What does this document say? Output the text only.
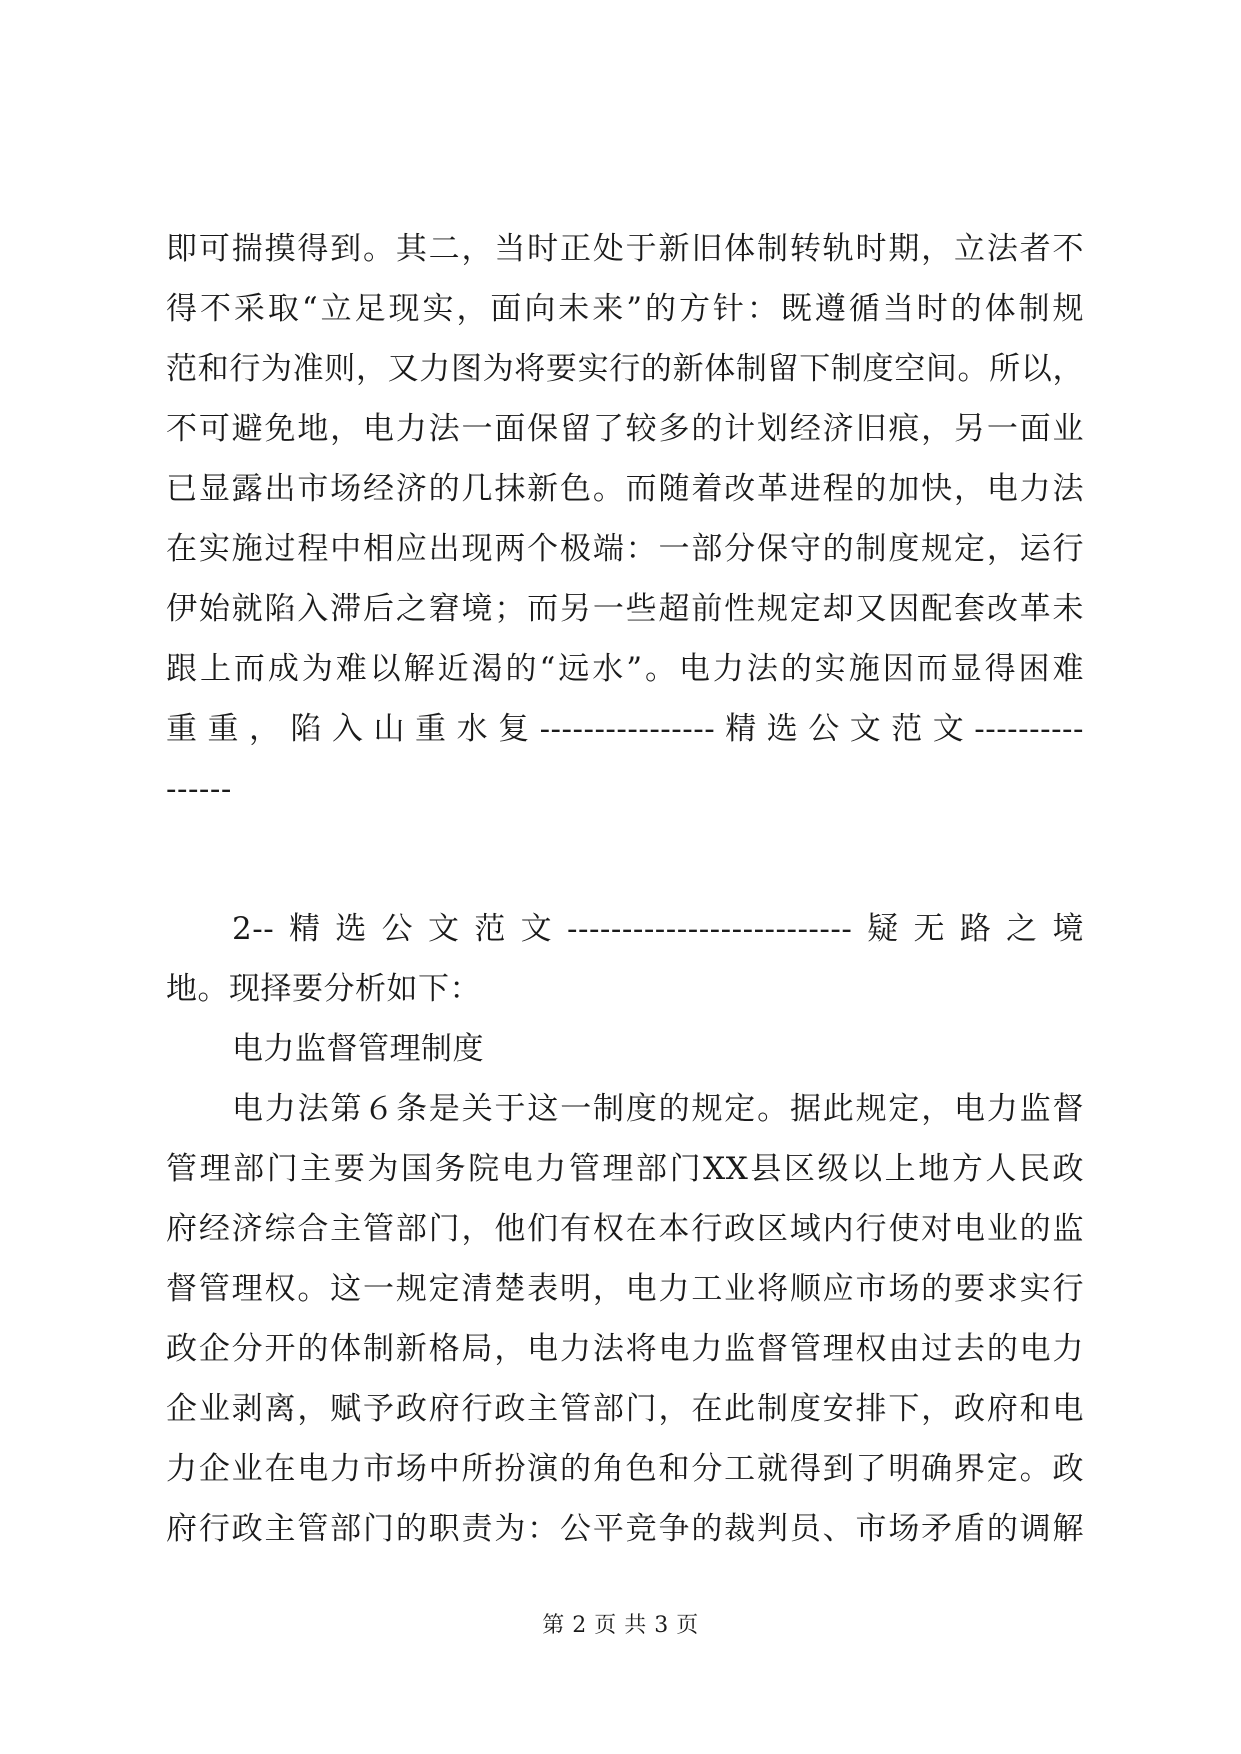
即可揣摸得到。其二，当时正处于新旧体制转轨时期，立法者不
得不采取“立足现实，面向未来”的方针：既遵循当时的体制规
范和行为准则，又力图为将要实行的新体制留下制度空间。所以，
不可避免地，电力法一面保留了较多的计划经济旧痕，另一面业
已显露出市场经济的几抹新色。而随着改革进程的加快，电力法
在实施过程中相应出现两个极端：一部分保守的制度规定，运行
伊始就陷入滞后之窘境；而另一些超前性规定却又因配套改革未
跟上而成为难以解近渴的“远水”。电力法的实施因而显得困难
重重，陷入山重水复----------------精选公文范文----------
------
2--精选公文范文--------------------------疑无路之境
地。现择要分析如下：
电力监督管理制度
电力法第６条是关于这一制度的规定。据此规定，电力监督
管理部门主要为国务院电力管理部门XX县区级以上地方人民政
府经济综合主管部门，他们有权在本行政区域内行使对电业的监
督管理权。这一规定清楚表明，电力工业将顺应市场的要求实行
政企分开的体制新格局，电力法将电力监督管理权由过去的电力
企业剥离，赋予政府行政主管部门，在此制度安排下，政府和电
力企业在电力市场中所扮演的角色和分工就得到了明确界定。政
府行政主管部门的职责为：公平竞争的裁判员、市场矛盾的调解
第 2 页 共 3 页
